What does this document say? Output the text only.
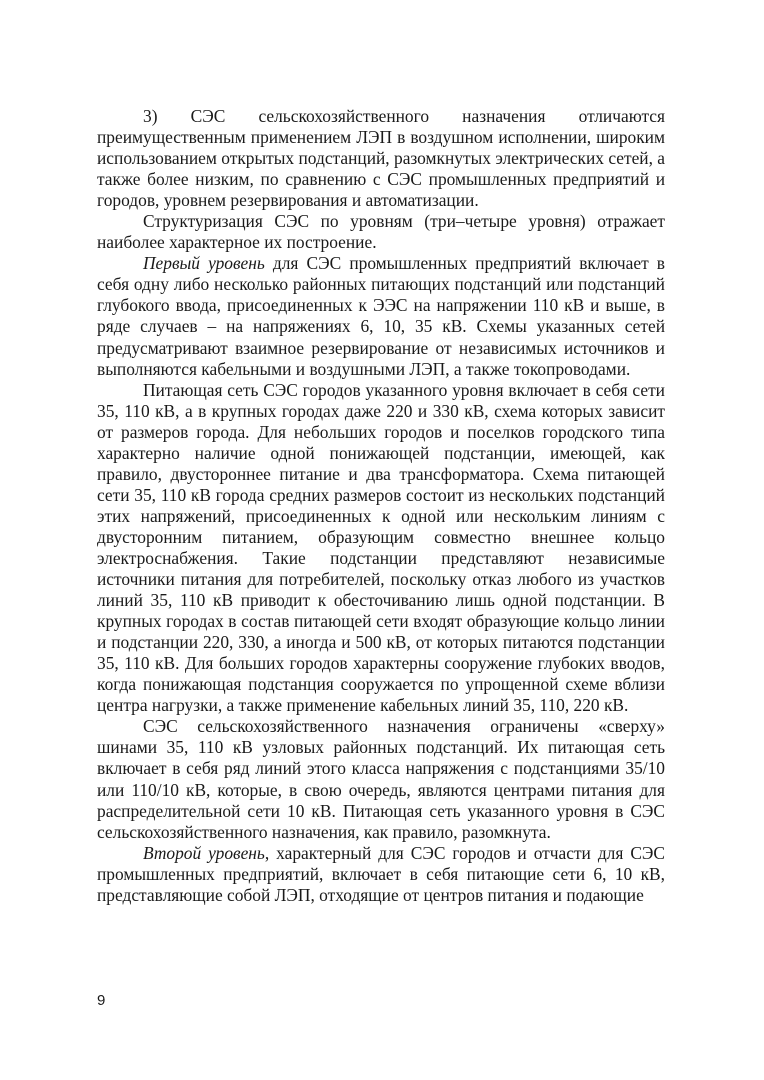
3) СЭС сельскохозяйственного назначения отличаются преимущественным применением ЛЭП в воздушном исполнении, широким использованием открытых подстанций, разомкнутых электрических сетей, а также более низким, по сравнению с СЭС промышленных предприятий и городов, уровнем резервирования и автоматизации.

Структуризация СЭС по уровням (три–четыре уровня) отражает наиболее характерное их построение.

Первый уровень для СЭС промышленных предприятий включает в себя одну либо несколько районных питающих подстанций или подстанций глубокого ввода, присоединенных к ЭЭС на напряжении 110 кВ и выше, в ряде случаев – на напряжениях 6, 10, 35 кВ. Схемы указанных сетей предусматривают взаимное резервирование от независимых источников и выполняются кабельными и воздушными ЛЭП, а также токопроводами.

Питающая сеть СЭС городов указанного уровня включает в себя сети 35, 110 кВ, а в крупных городах даже 220 и 330 кВ, схема которых зависит от размеров города. Для небольших городов и поселков городского типа характерно наличие одной понижающей подстанции, имеющей, как правило, двустороннее питание и два трансформатора. Схема питающей сети 35, 110 кВ города средних размеров состоит из нескольких подстанций этих напряжений, присоединенных к одной или нескольким линиям с двусторонним питанием, образующим совместно внешнее кольцо электроснабжения. Такие подстанции представляют независимые источники питания для потребителей, поскольку отказ любого из участков линий 35, 110 кВ приводит к обесточиванию лишь одной подстанции. В крупных городах в состав питающей сети входят образующие кольцо линии и подстанции 220, 330, а иногда и 500 кВ, от которых питаются подстанции 35, 110 кВ. Для больших городов характерны сооружение глубоких вводов, когда понижающая подстанция сооружается по упрощенной схеме вблизи центра нагрузки, а также применение кабельных линий 35, 110, 220 кВ.

СЭС сельскохозяйственного назначения ограничены «сверху» шинами 35, 110 кВ узловых районных подстанций. Их питающая сеть включает в себя ряд линий этого класса напряжения с подстанциями 35/10 или 110/10 кВ, которые, в свою очередь, являются центрами питания для распределительной сети 10 кВ. Питающая сеть указанного уровня в СЭС сельскохозяйственного назначения, как правило, разомкнута.

Второй уровень, характерный для СЭС городов и отчасти для СЭС промышленных предприятий, включает в себя питающие сети 6, 10 кВ, представляющие собой ЛЭП, отходящие от центров питания и подающие

9
